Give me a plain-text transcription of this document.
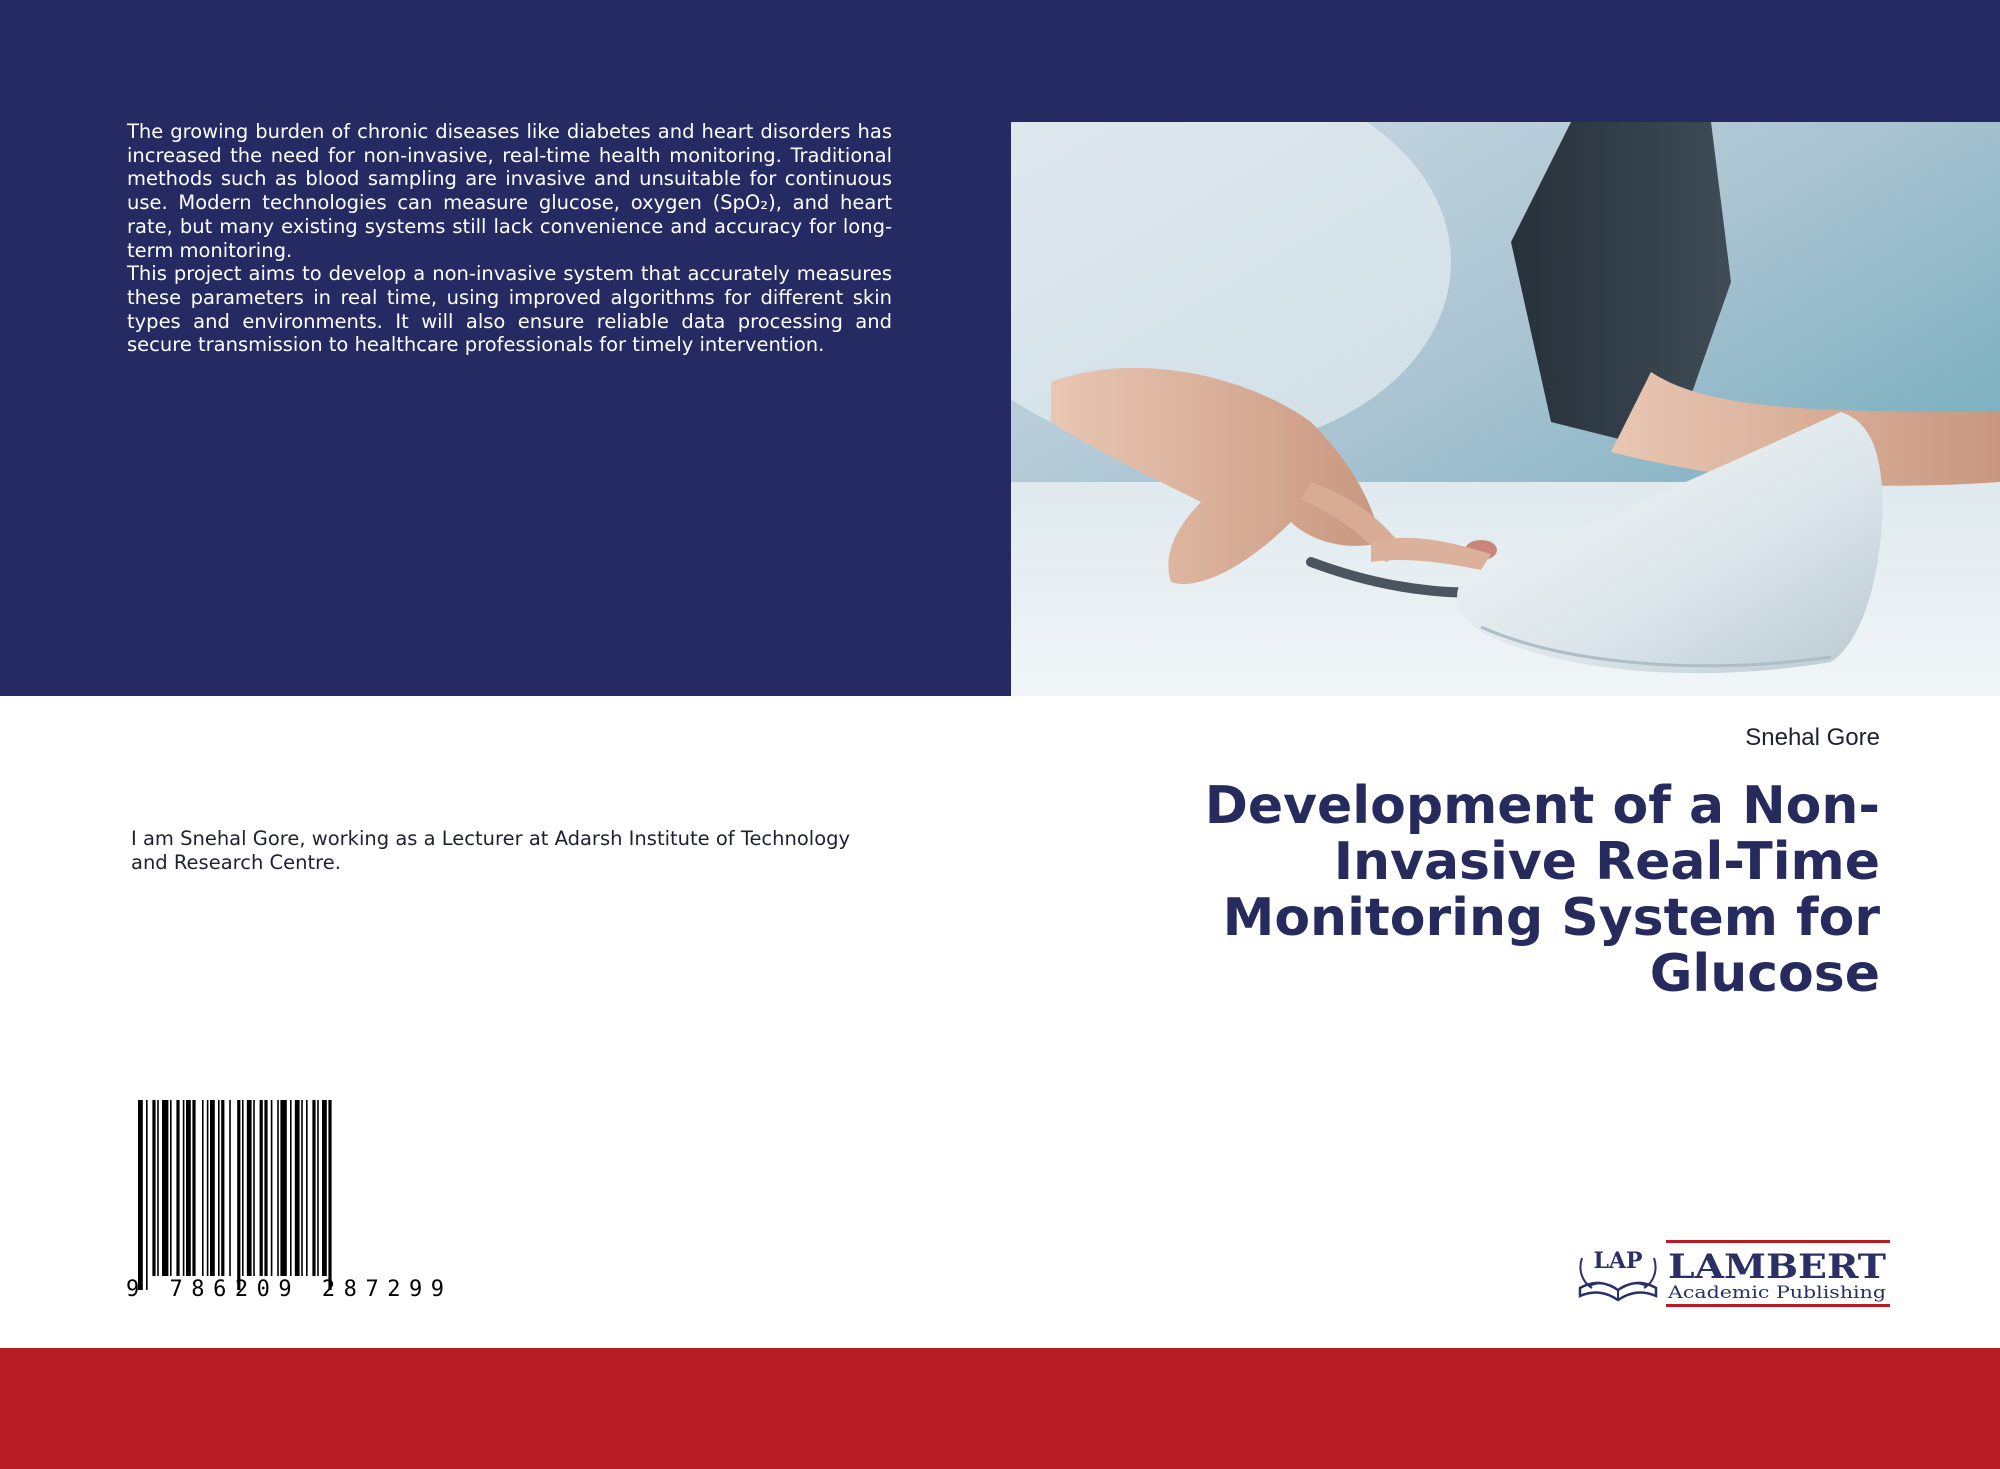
The growing burden of chronic diseases like diabetes and heart disorders has increased the need for non-invasive, real-time health monitoring. Traditional methods such as blood sampling are invasive and unsuitable for continuous use. Modern technologies can measure glucose, oxygen (SpO₂), and heart rate, but many existing systems still lack convenience and accuracy for long-term monitoring.

This project aims to develop a non-invasive system that accurately measures these parameters in real time, using improved algorithms for different skin types and environments. It will also ensure reliable data processing and secure transmission to healthcare professionals for timely intervention.

Snehal Gore
Development of a Non-Invasive Real-Time Monitoring System for Glucose

I am Snehal Gore, working as a Lecturer at Adarsh Institute of Technology and Research Centre.

9 786209 287299
LAP LAMBERT
Academic Publishing
